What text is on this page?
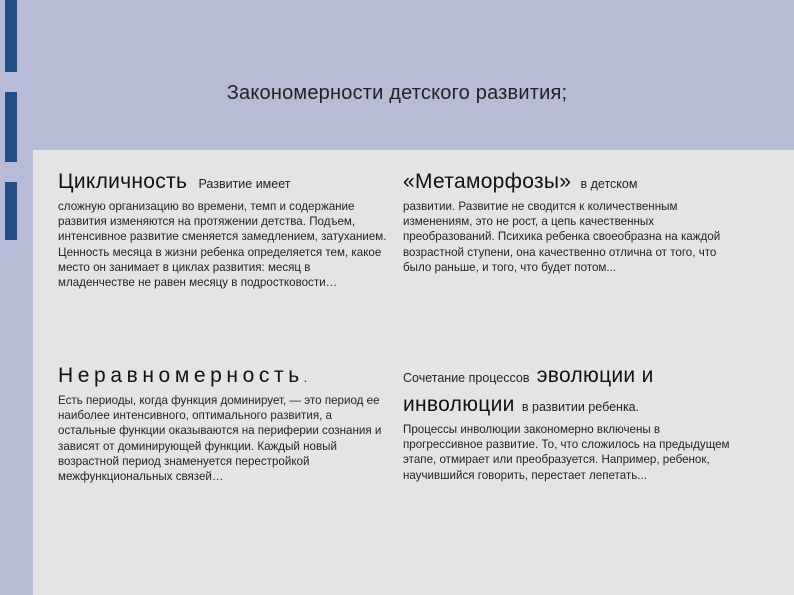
Закономерности детского развития;
Цикличность Развитие имеет
сложную организацию во времени, темп и содержание развития изменяются на протяжении детства. Подъем, интенсивное развитие сменяется замедлением, затуханием. Ценность месяца в жизни ребенка определяется тем, какое место он занимает в циклах развития: месяц в младенчестве не равен месяцу в подростковости…
«Метаморфозы» в детском
развитии. Развитие не сводится к количественным изменениям, это не рост, а цепь качественных преобразований. Психика ребенка своеобразна на каждой возрастной ступени, она качественно отлична от того, что было раньше, и того, что будет потом...
Неравномерность.
Есть периоды, когда функция доминирует, — это период ее наиболее интенсивного, оптимального развития, а остальные функции оказываются на периферии сознания и зависят от доминирующей функции. Каждый новый возрастной период знаменуется перестройкой межфункциональных связей…
Сочетание процессов эволюции и
инволюции в развитии ребенка.
Процессы инволюции закономерно включены в прогрессивное развитие. То, что сложилось на предыдущем этапе, отмирает или преобразуется. Например, ребенок, научившийся говорить, перестает лепетать...
